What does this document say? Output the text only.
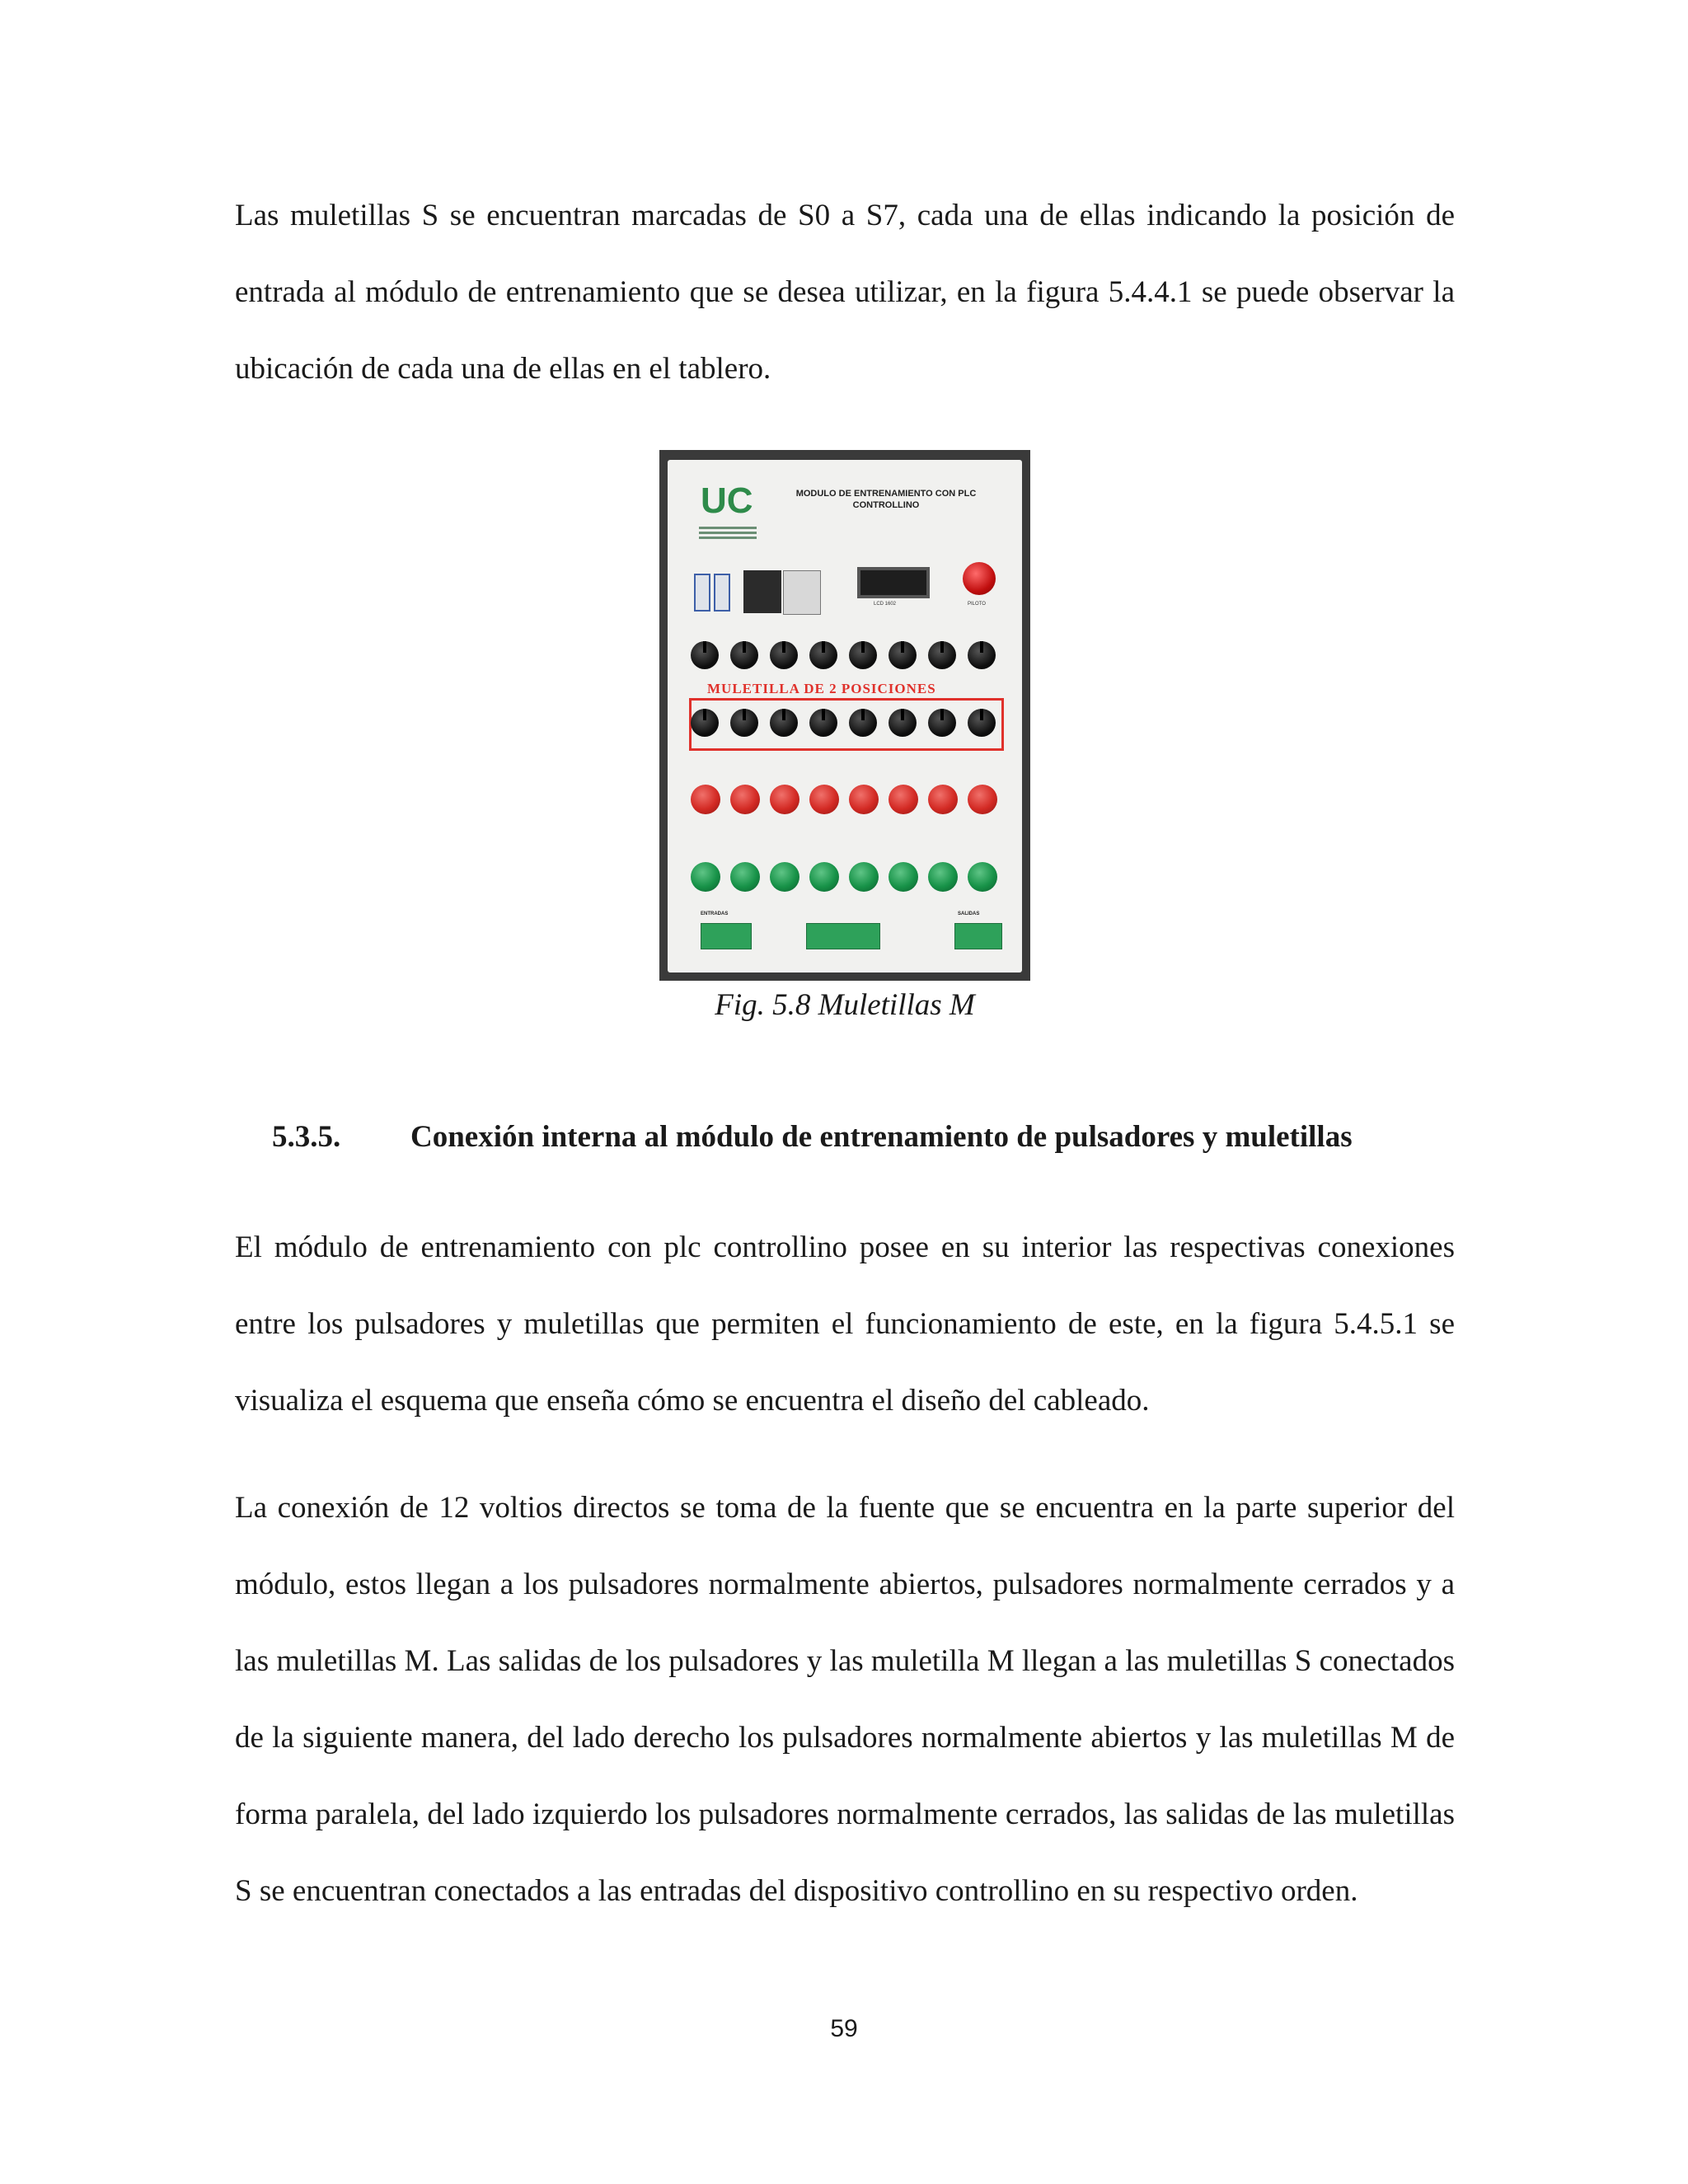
Las muletillas S se encuentran marcadas de S0 a S7, cada una de ellas indicando la posición de entrada al módulo de entrenamiento que se desea utilizar, en la figura 5.4.4.1 se puede observar la ubicación de cada una de ellas en el tablero.

UC	MODULO DE ENTRENAMIENTO CON PLC
CONTROLLINO
LCD 1602	PILOTO
MULETILLA DE 2 POSICIONES
ENTRADAS	SALIDAS
Fig. 5.8 Muletillas M
5.3.5. Conexión interna al módulo de entrenamiento de pulsadores y muletillas

El módulo de entrenamiento con plc controllino posee en su interior las respectivas conexiones entre los pulsadores y muletillas que permiten el funcionamiento de este, en la figura 5.4.5.1 se visualiza el esquema que enseña cómo se encuentra el diseño del cableado.

La conexión de 12 voltios directos se toma de la fuente que se encuentra en la parte superior del módulo, estos llegan a los pulsadores normalmente abiertos, pulsadores normalmente cerrados y a las muletillas M. Las salidas de los pulsadores y las muletilla M llegan a las muletillas S conectados de la siguiente manera, del lado derecho los pulsadores normalmente abiertos y las muletillas M de forma paralela, del lado izquierdo los pulsadores normalmente cerrados, las salidas de las muletillas S se encuentran conectados a las entradas del dispositivo controllino en su respectivo orden.

59
